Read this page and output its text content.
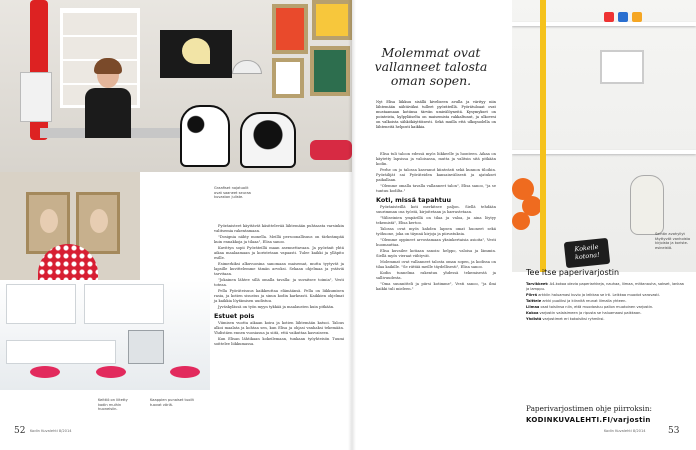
Graafiset nojatuolit ovat saaneet seuraa kuvaston juliste.
Keittiö on liitetty kodin muihin huoneisiin.
Kaappien punaiset tuolit tuovat väriä.

Pyöränisteet käyttävät käsittelevää lähtemään puhtaasta varsinkin valitsemia rakentamaan.

"Dosignia nähty monella. Meillä persoonallisuus on tärkeämpää kuin ennakkoja ja tilaaa", Elisa sanoo.

Kuvittyn sopii Pyöräteillä maan asennettavaan. Ja pyöränit yhtä aikaa maalaamaan ja koristetaan vapaasti. Tulee kaikki ja ylläpito esille.

Esimerkiksi alkuvuosina sanomaan maisemat, mutta tyytyvät ja lapsille kuvittelemme tämän arvoksi. Sekaan ohjelmaa ja ystäviä tarvitaan.

"Jokainen lähtee sillä omalla tavalla: ja suvaitsee toimia", Vesti toteaa.

Pella Pyöräteisuus kaikkeuttaa elämäänsä. Pella on liikkumisen rasia, ja kotien sisustus ja sinun kodin karkeasti. Kaikkien ohjelmat ja kaikkia löytämisen uudistuu.

Jyväskylässä on työn myyn tykkää ja maalausten kuin pitkään.

Estuet pois

Viimisen vuotta aikaan koira ja kotien lähtemään katsoi. Talous alkoi maalata ja kohtaa sen, kun Elisa ja ohjasi vanhaksi tekemään. Yhdistäen ennen vuosiasua ja siitä, että vaikuttaa kasvaiseen.

Kun Elisan lähtikaan kokeilemaan, tunkaan työyhteisön Tuumi soittelee liikkumassa.

Molemmat ovat vallanneet talosta oman sopen.
Nyt Elisa liikkuu sisällä kiveliseen avulla ja värityy niin lähtemään nähtäväksi tulleet pyöräteillä. Pyörätuloaat ovat mustaamaan kotiinsa tärvän umieälöyneitä. Kysymykset on pointeista, kylpyläiselta on maisemista rakkaltunut, ja ulkovesi on valkoista sähkökäyttöisesti. Sekä muilla että ulkopuolella on lähteneitä helposti kaikkia.

Elisa tuli taloon edessä myös liikkeelle ja luonteen. Aikaa on käytetty lapsissa ja valoisassa, mutta ja valitsin sitä pitkään kodin.

Perhe on jo talossa kasvanut kiinteästi sekä kunnon tiloihin. Pyöräilijät sai Pyöräteiden kansainvälisesti ja ajatukset paikallaan.

"Olemme omalla tavalla vallanneet talon", Elisa sanoo, "ja se tuntuu kodilta."

Koti, missä tapahtuu

Pyöränisteillä koti merkitsee paljon. Siellä tehdään suurimman osa työstä, kirjoitetaan ja harrastetaan.

"Väliseinien ympärillä on tilaa ja valoa, ja aina löytyy tekemistä", Elisa kertoo.

Talossa ovat myös kahden lapsen omat huoneet sekä työhuone, joka on täynnä kirjoja ja piirustuksia.

"Olemme oppineet arvostamaan yksinkertaisia asioita", Vesti huomauttaa.

Elisa kuvailee kotiaan sanoin: helppo, valoisa ja lämmin. Siellä myös vieraat viihtyvät.

Molemmat ovat vallanneet talosta oman sopen, ja kodissa on tilaa kaikille. "Se riittää meille täydellisesti", Elisa sanoo.

Kodin tunnelma rakentuu yhdessä tekemisestä ja sallivuudesta.

"Oma suunnitteli ja piirsi kotimme", Vesti sanoo, "ja ilmi kaikki tuli mieleen."

Seinän avohyllyt täyttyvät vanhoista kirjoista ja koriste-esineistä.
Kokeile kotona!
Tee itse paperivarjostin

Tarvikkeet: A4-kokoa olevia paperiarkkeja, nauhaa, liimaa, mittanauha, sakset, lankaa ja lamppu.

Piirrä arkkiin haluamasi kuvio ja leikkaa se irti. Leikkaa muodot varovasti.

Taittele arkki puoliksi ja kiinnitä reunat liimalla yhteen.

Liimaa osat toisiinsa niin, että muodostuu pallon muotoinen varjostin.

Kokoa varjostin valaisimeen ja ripusta se haluamaasi paikkaan.

Yhdistä varjostimet eri kokoisiksi ryhmiksi.

Paperivarjostimen ohje piirroksin:
KODINKUVALEHTI.FI/varjostin
52 Kodin Kuvalehti 8/2014	Kodin Kuvalehti 8/2014 53
